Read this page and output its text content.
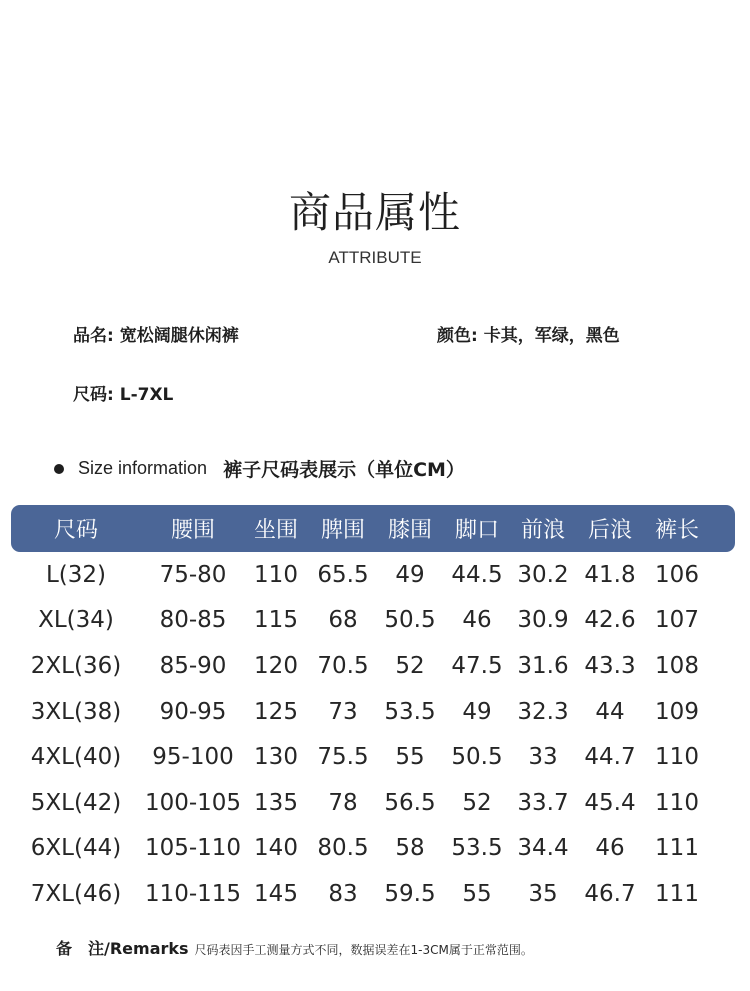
商品属性
ATTRIBUTE
品名: 宽松阔腿休闲裤	颜色: 卡其，军绿，黑色
尺码: L-7XL
Size information 裤子尺码表展示（单位CM）
尺码	腰围	坐围	脾围	膝围	脚口 前浪	后浪	裤长
L(32)	75-80	110 65.5	49	44.5 30.2 41.8 106
XL(34)	80-85	115	68	50.5	46	30.9 42.6 107
2XL(36)	85-90	120 70.5	52	47.5 31.6 43.3 108
3XL(38)	90-95	125	73	53.5	49	32.3	44	109
4XL(40)	95-100 130 75.5	55	50.5	33	44.7 110
5XL(42)	100-105 135	78	56.5	52	33.7 45.4 110
6XL(44)	105-110 140 80.5	58	53.5 34.4	46	111
7XL(46)	110-115 145	83	59.5	55	35	46.7 111
备　注/Remarks 尺码表因手工测量方式不同，数据误差在1-3CM属于正常范围。
